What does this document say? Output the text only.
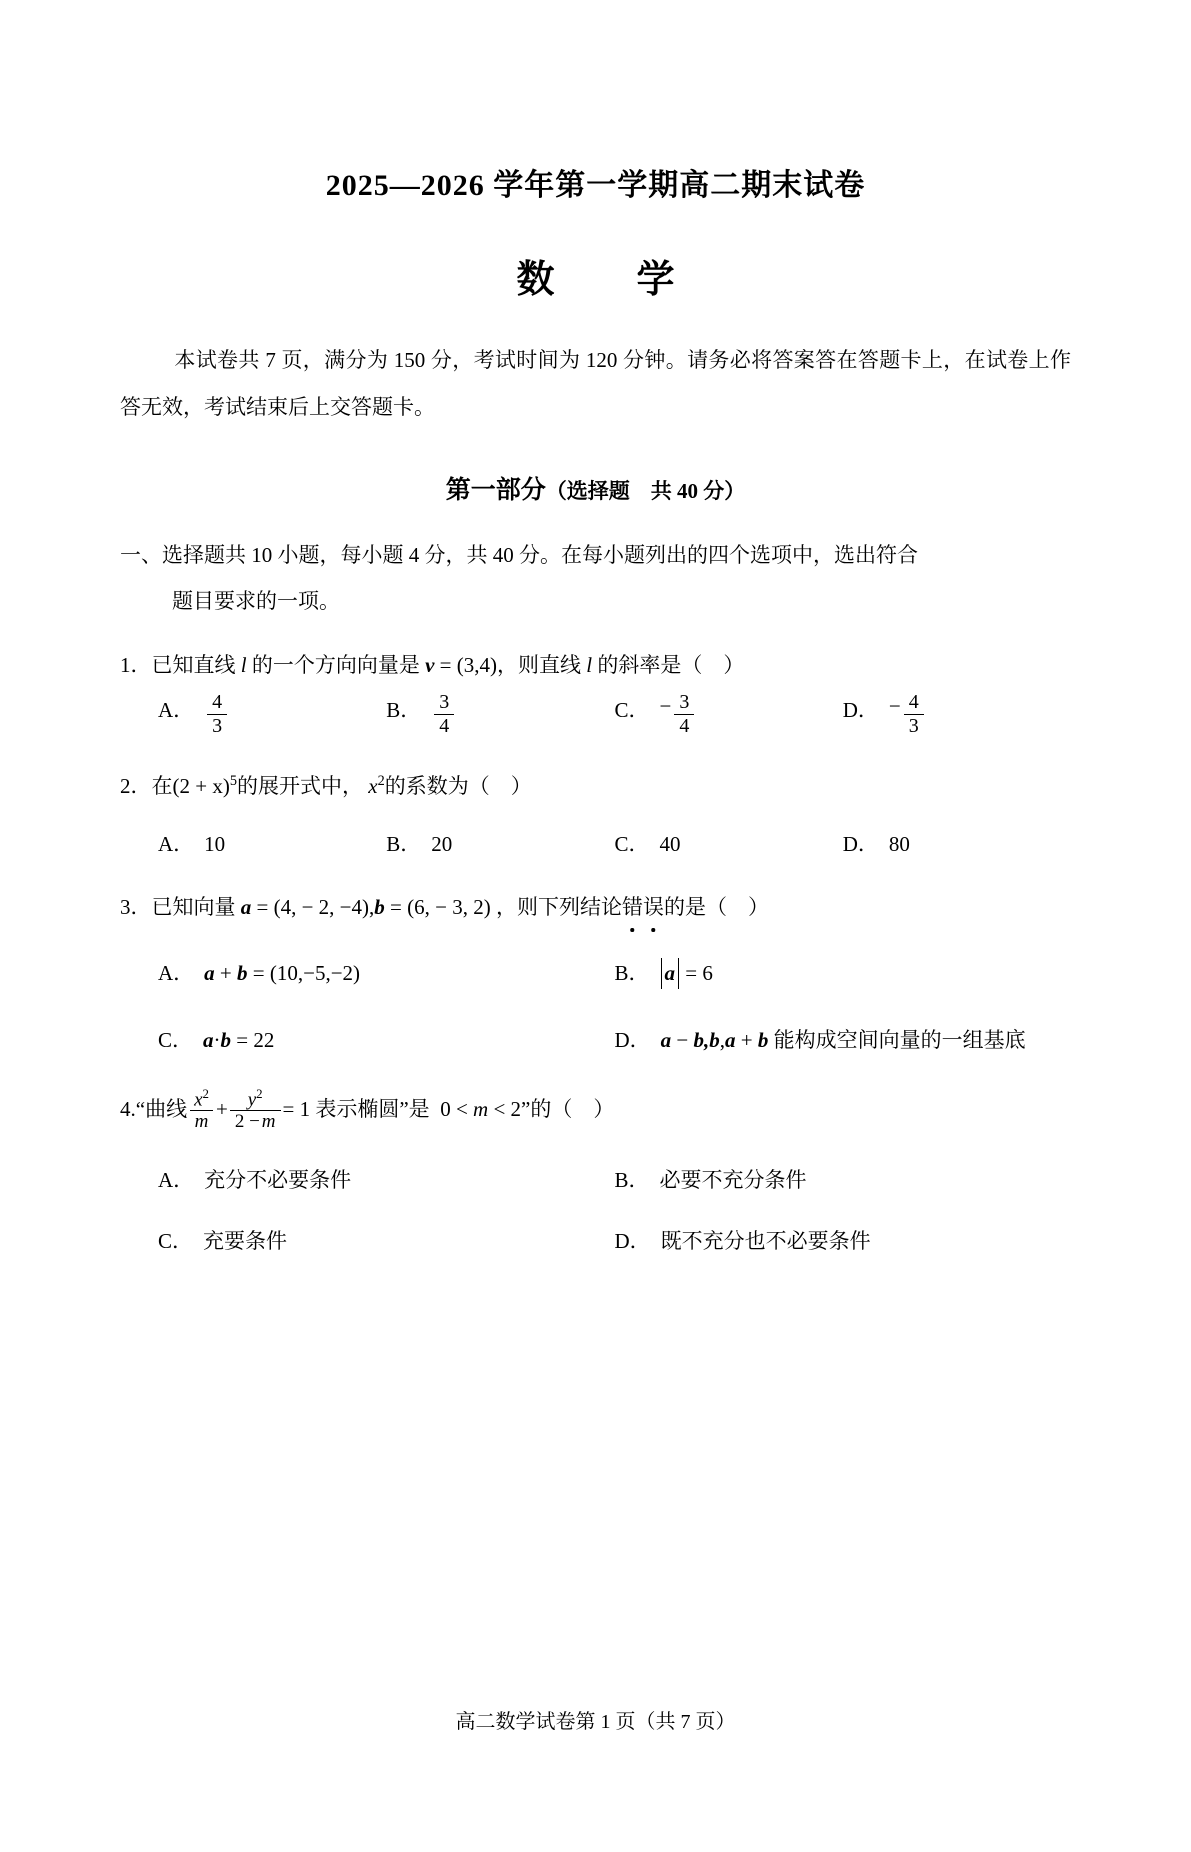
2025—2026 学年第一学期高二期末试卷
数　学
本试卷共 7 页，满分为 150 分，考试时间为 120 分钟。请务必将答案答在答题卡上，在试卷上作答无效，考试结束后上交答题卡。
第一部分（选择题　共 40 分）
一、选择题共 10 小题，每小题 4 分，共 40 分。在每小题列出的四个选项中，选出符合
题目要求的一项。
1．已知直线 l 的一个方向向量是 v = (3,4)，则直线 l 的斜率是（　）
A． $\frac{4}{3}$	B． $\frac{3}{4}$	C． − $\frac{3}{4}$	D． − $\frac{4}{3}$
2．在$(2 + x)^5$的展开式中， $x^2$的系数为（　）
A． 10	B． 20	C． 40	D． 80
3．已知向量 a = (4, − 2, −4),b = (6, − 3, 2) ，则下列结论错误的是（　）
A． a
+
b
= (10,−5,−2)	B． a
= 6
C． a · b
= 22	D． a − b,b,a + b 能构成空间向量的一组基底
4. “曲线 $\frac{x^2}{m} + \frac{y^2}{2 - m} = 1$ 表示椭圆”是
0 < m < 2 ”的（　）
A． 充分不必要条件	B． 必要不充分条件
C． 充要条件	D． 既不充分也不必要条件
高二数学试卷第 1 页（共 7 页）
